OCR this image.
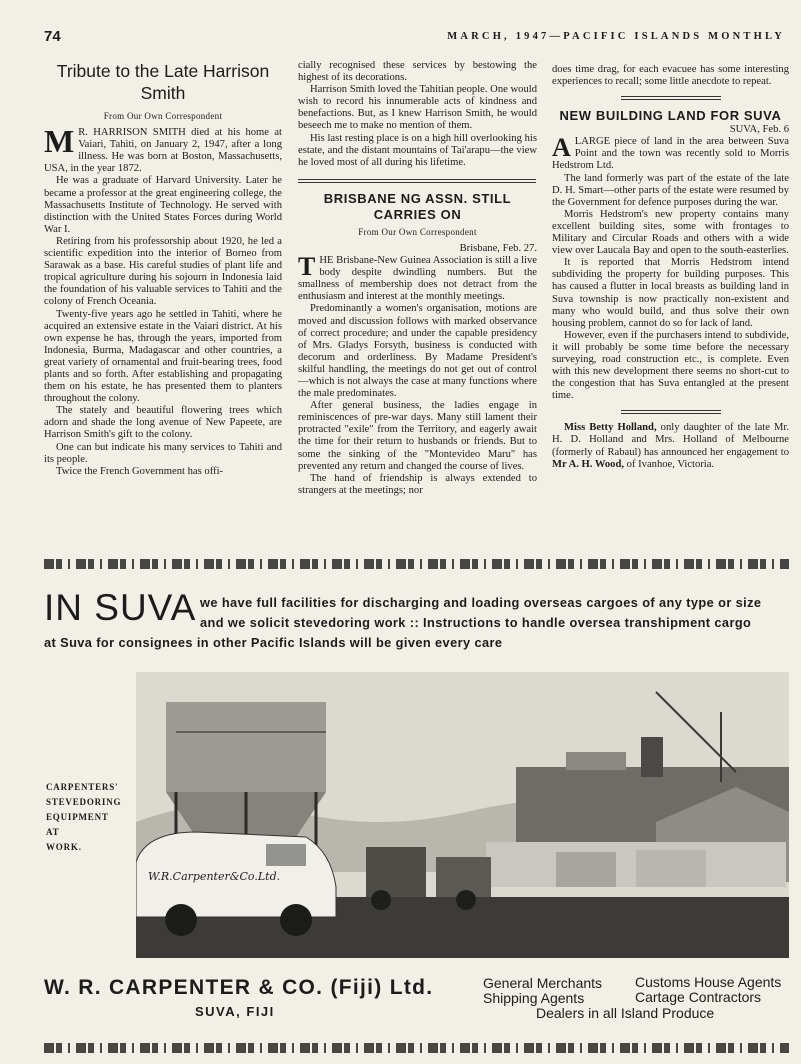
74	MARCH, 1947—PACIFIC ISLANDS MONTHLY
Tribute to the Late Harrison Smith
From Our Own Correspondent

M R. HARRISON SMITH died at his home at Vaiari, Tahiti, on January 2, 1947, after a long illness. He was born at Boston, Massachusetts, USA, in the year 1872.

He was a graduate of Harvard University. Later he became a professor at the great engineering college, the Massachusetts Institute of Technology. He served with distinction with the United States Forces during World War I.

Retiring from his professorship about 1920, he led a scientific expedition into the interior of Borneo from Sarawak as a base. His careful studies of plant life and tropical agriculture during his sojourn in Indonesia laid the foundation of his valuable services to Tahiti and the colony of French Oceania.

Twenty-five years ago he settled in Tahiti, where he acquired an extensive estate in the Vaiari district. At his own expense he has, through the years, imported from Indonesia, Burma, Madagascar and other countries, a great variety of ornamental and fruit-bearing trees, food plants and so forth. After establishing and propagating them on his estate, he has presented them to planters throughout the colony.

The stately and beautiful flowering trees which adorn and shade the long avenue of New Papeete, are Harrison Smith's gift to the colony.

One can but indicate his many services to Tahiti and its people.

Twice the French Government has offi-

cially recognised these services by bestowing the highest of its decorations.

Harrison Smith loved the Tahitian people. One would wish to record his innumerable acts of kindness and benefactions. But, as I knew Harrison Smith, he would beseech me to make no mention of them.

His last resting place is on a high hill overlooking his estate, and the distant mountains of Tai'arapu—the view he loved most of all during his lifetime.

BRISBANE NG ASSN. STILL CARRIES ON
From Our Own Correspondent
Brisbane, Feb. 27.

THE Brisbane-New Guinea Association is still a live body despite dwindling numbers. But the smallness of membership does not detract from the enthusiasm and interest at the monthly meetings.

Predominantly a women's organisation, motions are moved and discussion follows with marked observance of correct procedure; and under the capable presidency of Mrs. Gladys Forsyth, business is conducted with decorum and orderliness. By Madame President's skilful handling, the meetings do not get out of control—which is not always the case at many functions where the male predominates.

After general business, the ladies engage in reminiscences of pre-war days. Many still lament their protracted "exile" from the Territory, and eagerly await the time for their return to husbands or friends. But to some the sinking of the "Montevideo Maru" has prevented any return and changed the course of lives.

The hand of friendship is always extended to strangers at the meetings; nor

does time drag, for each evacuee has some interesting experiences to recall; some little anecdote to repeat.

NEW BUILDING LAND FOR SUVA
SUVA, Feb. 6

ALARGE piece of land in the area between Suva Point and the town was recently sold to Morris Hedstrom Ltd.

The land formerly was part of the estate of the late D. H. Smart—other parts of the estate were resumed by the Government for defence purposes during the war.

Morris Hedstrom's new property contains many excellent building sites, some with frontages to Military and Circular Roads and others with a wide view over Laucala Bay and open to the south-easterlies.

It is reported that Morris Hedstrom intend subdividing the property for building purposes. This has caused a flutter in local breasts as building land in Suva township is now practically non-existent and many who would build, and thus solve their own housing problem, cannot do so for lack of land.

However, even if the purchasers intend to subdivide, it will probably be some time before the necessary surveying, road construction etc., is complete. Even with this new development there seems no short-cut to the congestion that has Suva entangled at the present time.

Miss Betty Holland, only daughter of the late Mr. H. D. Holland and Mrs. Holland of Melbourne (formerly of Rabaul) has announced her engagement to Mr A. H. Wood, of Ivanhoe, Victoria.

IN SUVA we have full facilities for discharging and loading overseas cargoes of any type or size
and we solicit stevedoring work :: Instructions to handle oversea transhipment cargo
at Suva for consignees in other Pacific Islands will be given every care
CARPENTERS'
STEVEDORING
EQUIPMENT
AT
WORK.
W.R.Carpenter&Co.Ltd.
W. R. CARPENTER & CO. (Fiji) Ltd.
SUVA, FIJI
General Merchants Customs House Agents
Shipping Agents	Cartage Contractors
Dealers in all Island Produce
